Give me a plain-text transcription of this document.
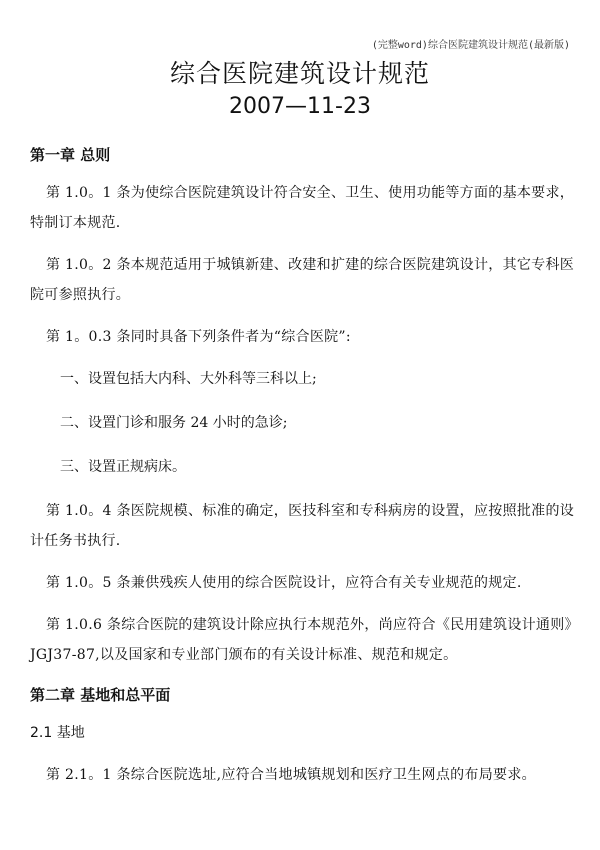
(完整word)综合医院建筑设计规范(最新版)
综合医院建筑设计规范
2007—11-23
第一章 总则

第 1.0。1 条为使综合医院建筑设计符合安全、卫生、使用功能等方面的基本要求，特制订本规范.

第 1.0。2 条本规范适用于城镇新建、改建和扩建的综合医院建筑设计，其它专科医院可参照执行。

第 1。0.3 条同时具备下列条件者为“综合医院”:

一、设置包括大内科、大外科等三科以上;
二、设置门诊和服务 24 小时的急诊;
三、设置正规病床。

第 1.0。4 条医院规模、标准的确定，医技科室和专科病房的设置，应按照批准的设计任务书执行.

第 1.0。5 条兼供残疾人使用的综合医院设计，应符合有关专业规范的规定.

第 1.0.6 条综合医院的建筑设计除应执行本规范外，尚应符合《民用建筑设计通则》JGJ37-87,以及国家和专业部门颁布的有关设计标准、规范和规定。

第二章 基地和总平面
2.1 基地

第 2.1。1 条综合医院选址,应符合当地城镇规划和医疗卫生网点的布局要求。
